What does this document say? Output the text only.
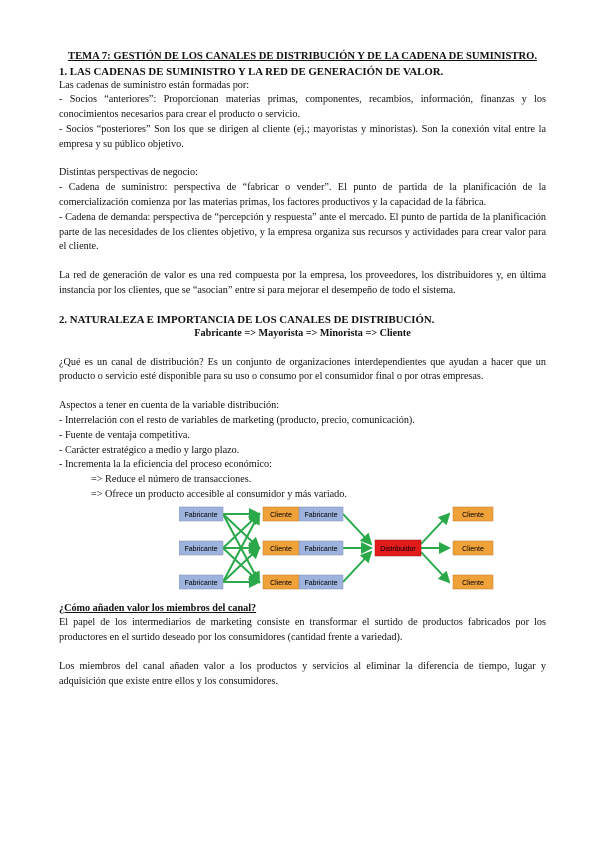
TEMA 7: GESTIÓN DE LOS CANALES DE DISTRIBUCIÓN Y DE LA CADENA DE SUMINISTRO.
1. LAS CADENAS DE SUMINISTRO Y LA RED DE GENERACIÓN DE VALOR.

Las cadenas de suministro están formadas por:

- Socios “anteriores”: Proporcionan materias primas, componentes, recambios, información, finanzas y los conocimientos necesarios para crear el producto o servicio.

- Socios “posteriores” Son los que se dirigen al cliente (ej.; mayoristas y minoristas). Son la conexión vital entre la empresa y su público objetivo.

Distintas perspectivas de negocio:

- Cadena de suministro: perspectiva de “fabricar o vender”. El punto de partida de la planificación de la comercialización comienza por las materias primas, los factores productivos y la capacidad de la fábrica.

- Cadena de demanda: perspectiva de “percepción y respuesta” ante el mercado. El punto de partida de la planificación parte de las necesidades de los clientes objetivo, y la empresa organiza sus recursos y actividades para crear valor para el cliente.

La red de generación de valor es una red compuesta por la empresa, los proveedores, los distribuidores y, en última instancia por los clientes, que se “asocian” entre sí para mejorar el desempeño de todo el sistema.

2. NATURALEZA E IMPORTANCIA DE LOS CANALES DE DISTRIBUCIÓN.
Fabricante => Mayorista => Minorista => Cliente

¿Qué es un canal de distribución? Es un conjunto de organizaciones interdependientes que ayudan a hacer que un producto o servicio esté disponible para su uso o consumo por el consumidor final o por otras empresas.

Aspectos a tener en cuenta de la variable distribución:

- Interrelación con el resto de variables de marketing (producto, precio, comunicación).

- Fuente de ventaja competitiva.

- Carácter estratégico a medio y largo plazo.

- Incrementa la la eficiencia del proceso económico:

=> Reduce el número de transacciones.

=> Ofrece un producto accesible al consumidor y más variado.

Fabricante
Fabricante
Fabricante
Cliente
Cliente
Cliente
Fabricante
Fabricante
Fabricante
Distribuidor
Cliente
Cliente
Cliente

¿Cómo añaden valor los miembros del canal?

El papel de los intermediarios de marketing consiste en transformar el surtido de productos fabricados por los productores en el surtido deseado por los consumidores (cantidad frente a variedad).

Los miembros del canal añaden valor a los productos y servicios al eliminar la diferencia de tiempo, lugar y adquisición que existe entre ellos y los consumidores.
